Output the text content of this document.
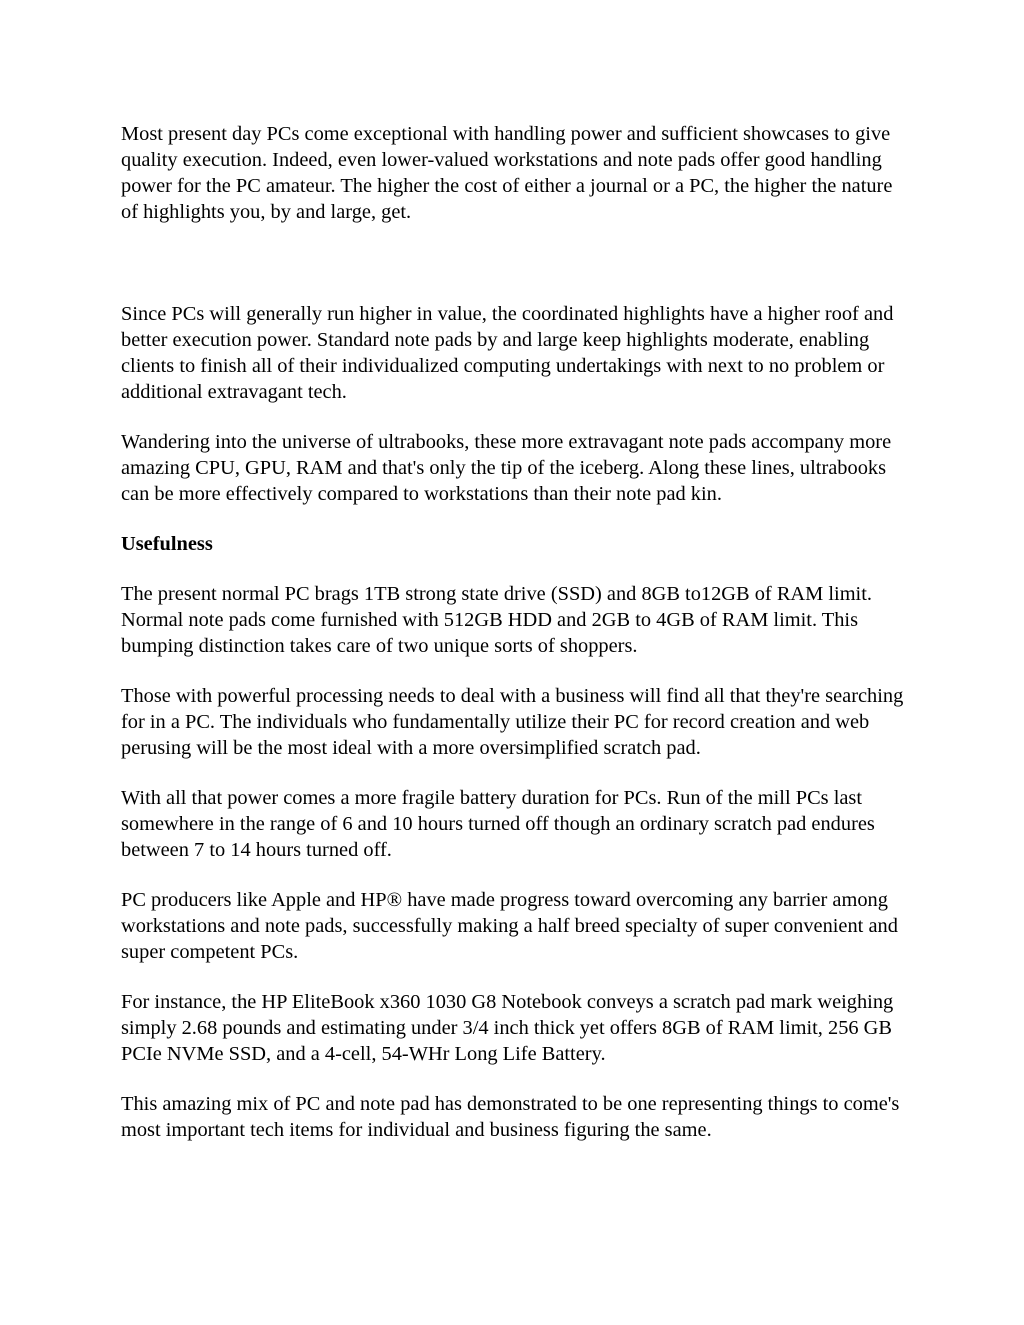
Most present day PCs come exceptional with handling power and sufficient showcases to give quality execution. Indeed, even lower-valued workstations and note pads offer good handling power for the PC amateur. The higher the cost of either a journal or a PC, the higher the nature of highlights you, by and large, get.

Since PCs will generally run higher in value, the coordinated highlights have a higher roof and better execution power. Standard note pads by and large keep highlights moderate, enabling clients to finish all of their individualized computing undertakings with next to no problem or additional extravagant tech.

Wandering into the universe of ultrabooks, these more extravagant note pads accompany more amazing CPU, GPU, RAM and that's only the tip of the iceberg. Along these lines, ultrabooks can be more effectively compared to workstations than their note pad kin.

Usefulness

The present normal PC brags 1TB strong state drive (SSD) and 8GB to12GB of RAM limit. Normal note pads come furnished with 512GB HDD and 2GB to 4GB of RAM limit. This bumping distinction takes care of two unique sorts of shoppers.

Those with powerful processing needs to deal with a business will find all that they're searching for in a PC. The individuals who fundamentally utilize their PC for record creation and web perusing will be the most ideal with a more oversimplified scratch pad.

With all that power comes a more fragile battery duration for PCs. Run of the mill PCs last somewhere in the range of 6 and 10 hours turned off though an ordinary scratch pad endures between 7 to 14 hours turned off.

PC producers like Apple and HP® have made progress toward overcoming any barrier among workstations and note pads, successfully making a half breed specialty of super convenient and super competent PCs.

For instance, the HP EliteBook x360 1030 G8 Notebook conveys a scratch pad mark weighing simply 2.68 pounds and estimating under 3/4 inch thick yet offers 8GB of RAM limit, 256 GB PCIe NVMe SSD, and a 4-cell, 54-WHr Long Life Battery.

This amazing mix of PC and note pad has demonstrated to be one representing things to come's most important tech items for individual and business figuring the same.
